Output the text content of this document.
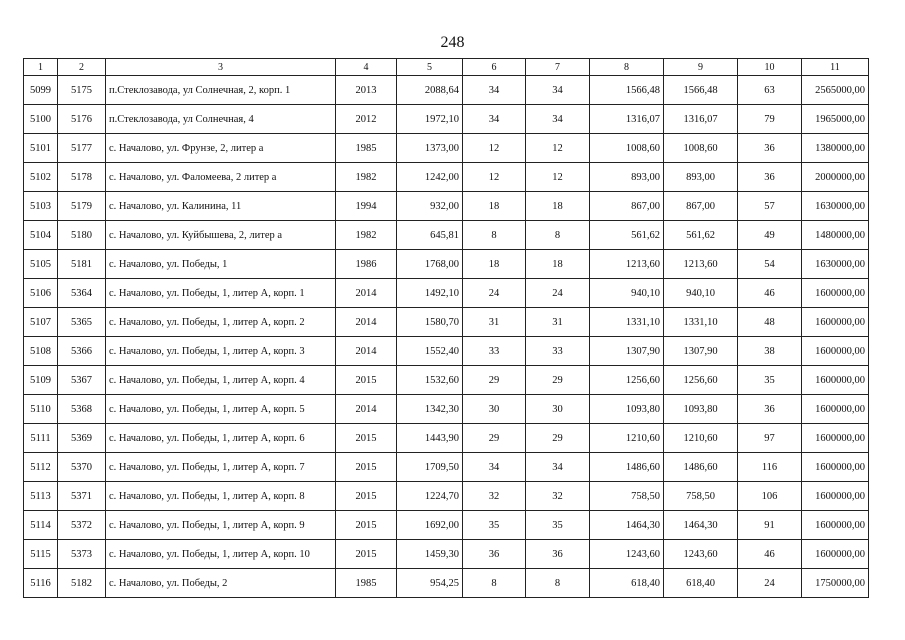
248
1	2	3	4	5	6	7	8	9	10	11
5099	5175	п.Стеклозавода, ул Солнечная, 2, корп. 1	2013	2088,64	34	34	1566,48	1566,48	63	2565000,00
5100	5176	п.Стеклозавода, ул Солнечная, 4	2012	1972,10	34	34	1316,07	1316,07	79	1965000,00
5101	5177	с. Началово, ул. Фрунзе, 2, литер а	1985	1373,00	12	12	1008,60	1008,60	36	1380000,00
5102	5178	с. Началово, ул. Фаломеева, 2 литер а	1982	1242,00	12	12	893,00	893,00	36	2000000,00
5103	5179	с. Началово, ул. Калинина, 11	1994	932,00	18	18	867,00	867,00	57	1630000,00
5104	5180	с. Началово, ул. Куйбышева, 2, литер а	1982	645,81	8	8	561,62	561,62	49	1480000,00
5105	5181	с. Началово, ул. Победы, 1	1986	1768,00	18	18	1213,60	1213,60	54	1630000,00
5106	5364	с. Началово, ул. Победы, 1, литер А, корп. 1	2014	1492,10	24	24	940,10	940,10	46	1600000,00
5107	5365	с. Началово, ул. Победы, 1, литер А, корп. 2	2014	1580,70	31	31	1331,10	1331,10	48	1600000,00
5108	5366	с. Началово, ул. Победы, 1, литер А, корп. 3	2014	1552,40	33	33	1307,90	1307,90	38	1600000,00
5109	5367	с. Началово, ул. Победы, 1, литер А, корп. 4	2015	1532,60	29	29	1256,60	1256,60	35	1600000,00
5110	5368	с. Началово, ул. Победы, 1, литер А, корп. 5	2014	1342,30	30	30	1093,80	1093,80	36	1600000,00
5111	5369	с. Началово, ул. Победы, 1, литер А, корп. 6	2015	1443,90	29	29	1210,60	1210,60	97	1600000,00
5112	5370	с. Началово, ул. Победы, 1, литер А, корп. 7	2015	1709,50	34	34	1486,60	1486,60	116	1600000,00
5113	5371	с. Началово, ул. Победы, 1, литер А, корп. 8	2015	1224,70	32	32	758,50	758,50	106	1600000,00
5114	5372	с. Началово, ул. Победы, 1, литер А, корп. 9	2015	1692,00	35	35	1464,30	1464,30	91	1600000,00
5115	5373	с. Началово, ул. Победы, 1, литер А, корп. 10	2015	1459,30	36	36	1243,60	1243,60	46	1600000,00
5116	5182	с. Началово, ул. Победы, 2	1985	954,25	8	8	618,40	618,40	24	1750000,00
